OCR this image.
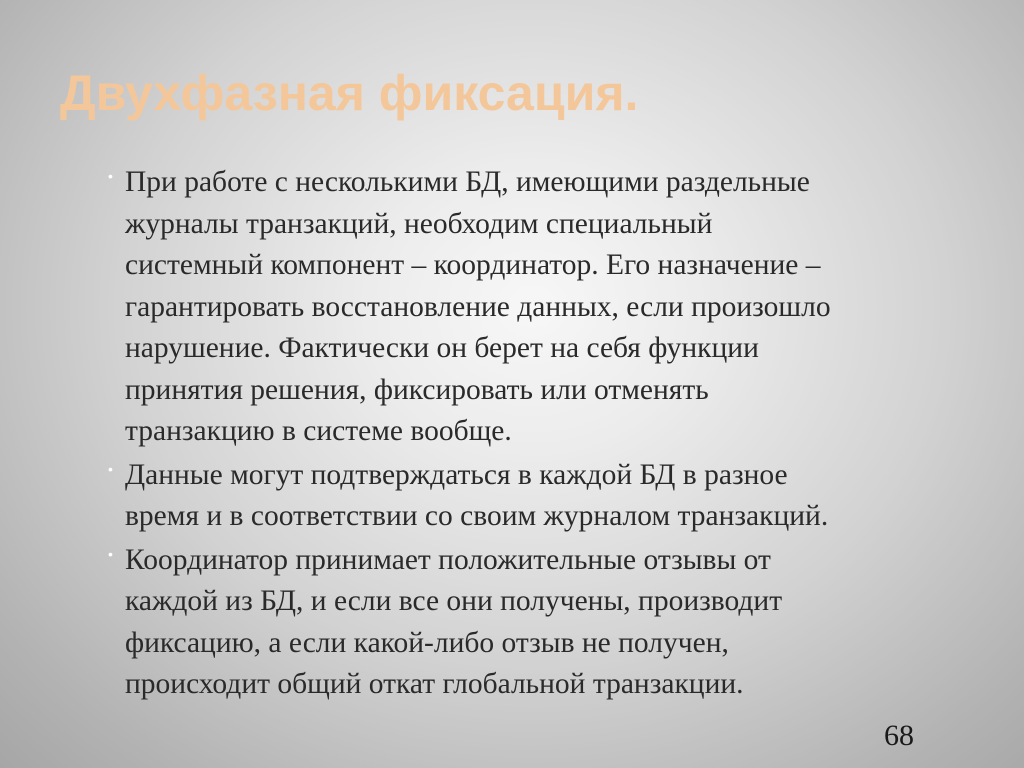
Двухфазная фиксация.
• При работе с несколькими БД, имеющими раздельные
журналы транзакций, необходим специальный
системный компонент – координатор. Его назначение –
гарантировать восстановление данных, если произошло
нарушение. Фактически он берет на себя функции
принятия решения, фиксировать или отменять
транзакцию в системе вообще.
• Данные могут подтверждаться в каждой БД в разное
время и в соответствии со своим журналом транзакций.
• Координатор принимает положительные отзывы от
каждой из БД, и если все они получены, производит
фиксацию, а если какой-либо отзыв не получен,
происходит общий откат глобальной транзакции.
68
